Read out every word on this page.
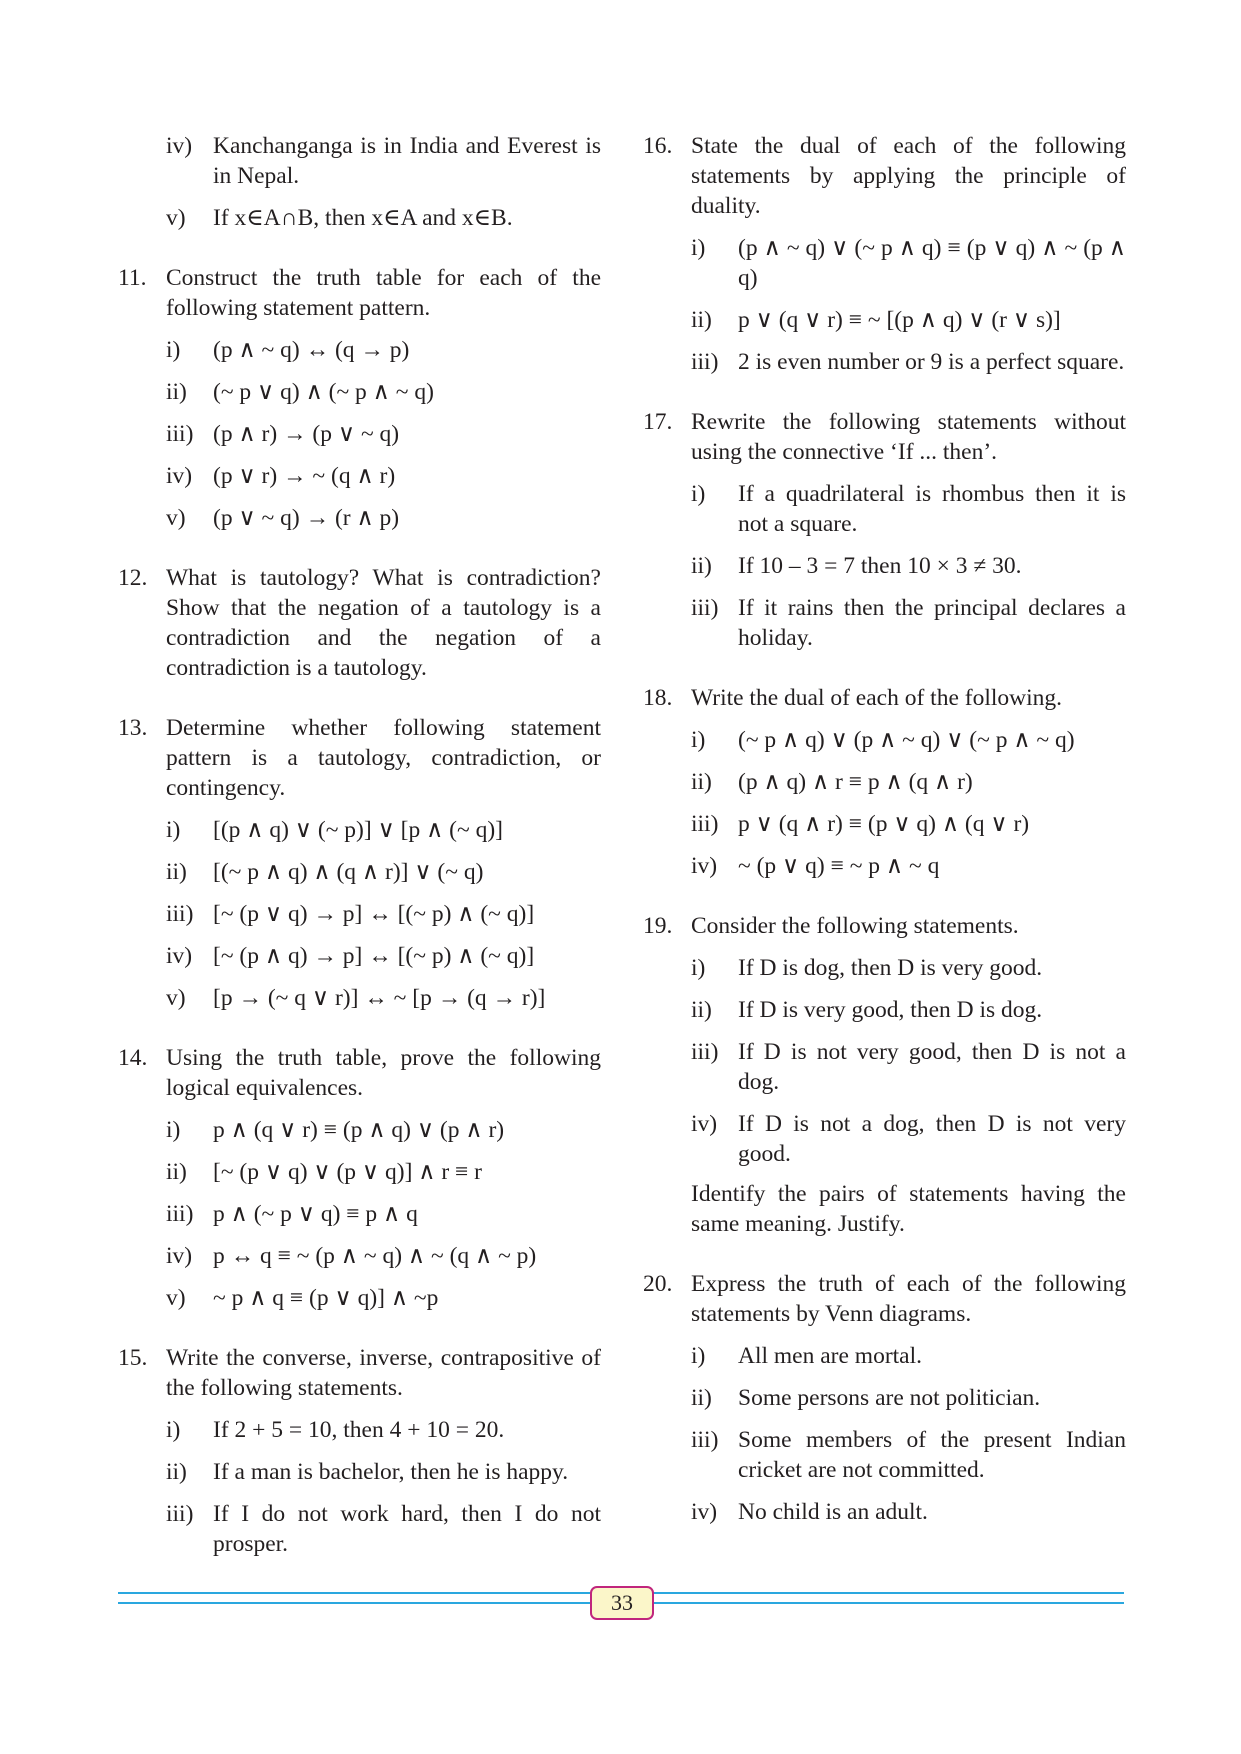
iv) Kanchanganga is in India and Everest is in Nepal.
v)	If x∈A∩B, then x∈A and x∈B.
11. Construct the truth table for each of the following statement pattern.
i)	(p ∧ ~ q) ↔ (q → p)
ii)	(~ p ∨ q) ∧ (~ p ∧ ~ q)
iii) (p ∧ r) → (p ∨ ~ q)
iv) (p ∨ r) → ~ (q ∧ r)
v)	(p ∨ ~ q) → (r ∧ p)
12. What is tautology? What is contradiction? Show that the negation of a tautology is a contradiction and the negation of a contradiction is a tautology.
13. Determine whether following statement pattern is a tautology, contradiction, or contingency.
i)	[(p ∧ q) ∨ (~ p)] ∨ [p ∧ (~ q)]
ii)	[(~ p ∧ q) ∧ (q ∧ r)] ∨ (~ q)
iii) [~ (p ∨ q) → p] ↔ [(~ p) ∧ (~ q)]
iv) [~ (p ∧ q) → p] ↔ [(~ p) ∧ (~ q)]
v)	[p → (~ q ∨ r)] ↔ ~ [p → (q → r)]
14. Using the truth table, prove the following logical equivalences.
i)	p ∧ (q ∨ r) ≡ (p ∧ q) ∨ (p ∧ r)
ii)	[~ (p ∨ q) ∨ (p ∨ q)] ∧ r ≡ r
iii) p ∧ (~ p ∨ q) ≡ p ∧ q
iv) p ↔ q ≡ ~ (p ∧ ~ q) ∧ ~ (q ∧ ~ p)
v)	~ p ∧ q ≡ (p ∨ q)] ∧ ~p
15. Write the converse, inverse, contrapositive of the following statements.
i)	If 2 + 5 = 10, then 4 + 10 = 20.
ii)	If a man is bachelor, then he is happy.
iii) If I do not work hard, then I do not prosper.
16. State the dual of each of the following statements by applying the principle of duality.
i)	(p ∧ ~ q) ∨ (~ p ∧ q) ≡ (p ∨ q) ∧ ~ (p ∧ q)
ii)	p ∨ (q ∨ r) ≡ ~ [(p ∧ q) ∨ (r ∨ s)]
iii) 2 is even number or 9 is a perfect square.
17. Rewrite the following statements without using the connective ‘If ... then’.
i)	If a quadrilateral is rhombus then it is not a square.
ii)	If 10 – 3 = 7 then 10 × 3 ≠ 30.
iii) If it rains then the principal declares a holiday.
18. Write the dual of each of the following.
i)	(~ p ∧ q) ∨ (p ∧ ~ q) ∨ (~ p ∧ ~ q)
ii)	(p ∧ q) ∧ r ≡ p ∧ (q ∧ r)
iii) p ∨ (q ∧ r) ≡ (p ∨ q) ∧ (q ∨ r)
iv) ~ (p ∨ q) ≡ ~ p ∧ ~ q
19. Consider the following statements.
i)	If D is dog, then D is very good.
ii)	If D is very good, then D is dog.
iii) If D is not very good, then D is not a dog.
iv) If D is not a dog, then D is not very good.
Identify the pairs of statements having the same meaning. Justify.
20. Express the truth of each of the following statements by Venn diagrams.
i)	All men are mortal.
ii)	Some persons are not politician.
iii) Some members of the present Indian cricket are not committed.
iv) No child is an adult.
33
